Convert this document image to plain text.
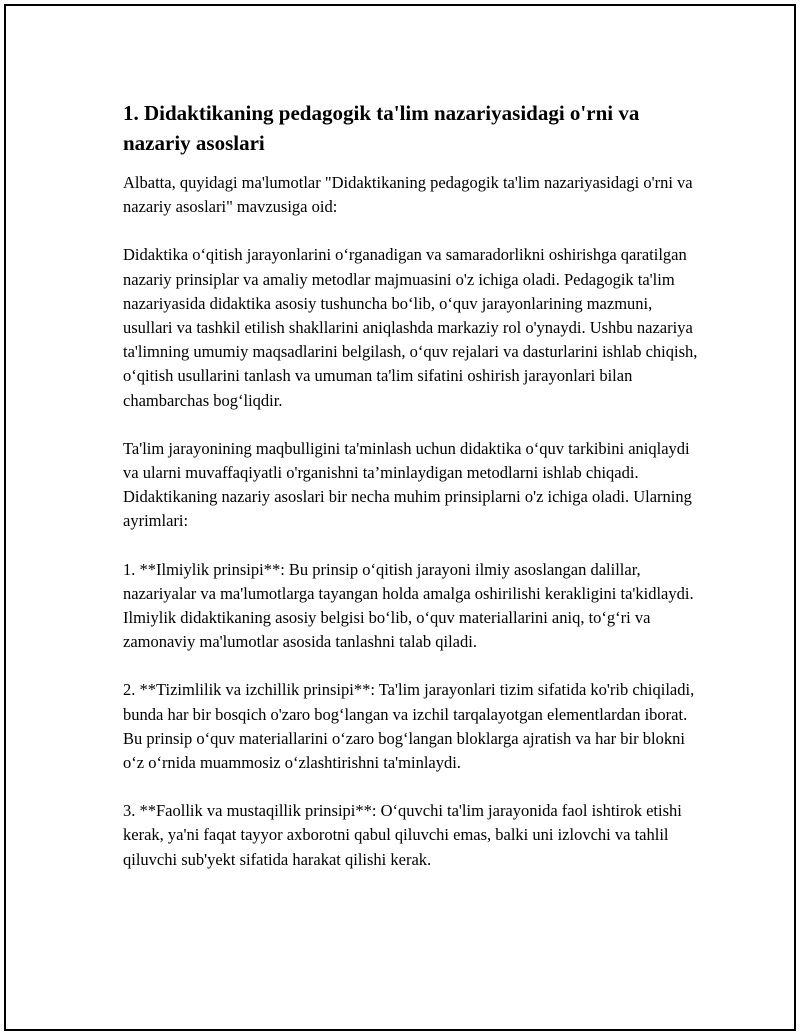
1. Didaktikaning pedagogik ta'lim nazariyasidagi o'rni va nazariy asoslari

Albatta, quyidagi ma'lumotlar "Didaktikaning pedagogik ta'lim nazariyasidagi o'rni va nazariy asoslari" mavzusiga oid:

Didaktika o‘qitish jarayonlarini o‘rganadigan va samaradorlikni oshirishga qaratilgan nazariy prinsiplar va amaliy metodlar majmuasini o'z ichiga oladi. Pedagogik ta'lim nazariyasida didaktika asosiy tushuncha bo‘lib, o‘quv jarayonlarining mazmuni, usullari va tashkil etilish shakllarini aniqlashda markaziy rol o'ynaydi. Ushbu nazariya ta'limning umumiy maqsadlarini belgilash, o‘quv rejalari va dasturlarini ishlab chiqish, o‘qitish usullarini tanlash va umuman ta'lim sifatini oshirish jarayonlari bilan chambarchas bog‘liqdir.

Ta'lim jarayonining maqbulligini ta'minlash uchun didaktika o‘quv tarkibini aniqlaydi va ularni muvaffaqiyatli o'rganishni ta’minlaydigan metodlarni ishlab chiqadi. Didaktikaning nazariy asoslari bir necha muhim prinsiplarni o'z ichiga oladi. Ularning ayrimlari:

1. **Ilmiylik prinsipi**: Bu prinsip o‘qitish jarayoni ilmiy asoslangan dalillar, nazariyalar va ma'lumotlarga tayangan holda amalga oshirilishi kerakligini ta'kidlaydi. Ilmiylik didaktikaning asosiy belgisi bo‘lib, o‘quv materiallarini aniq, to‘g‘ri va zamonaviy ma'lumotlar asosida tanlashni talab qiladi.

2. **Tizimlilik va izchillik prinsipi**: Ta'lim jarayonlari tizim sifatida ko'rib chiqiladi, bunda har bir bosqich o'zaro bog‘langan va izchil tarqalayotgan elementlardan iborat. Bu prinsip o‘quv materiallarini o‘zaro bog‘langan bloklarga ajratish va har bir blokni o‘z o‘rnida muammosiz o‘zlashtirishni ta'minlaydi.

3. **Faollik va mustaqillik prinsipi**: O‘quvchi ta'lim jarayonida faol ishtirok etishi kerak, ya'ni faqat tayyor axborotni qabul qiluvchi emas, balki uni izlovchi va tahlil qiluvchi sub'yekt sifatida harakat qilishi kerak.
